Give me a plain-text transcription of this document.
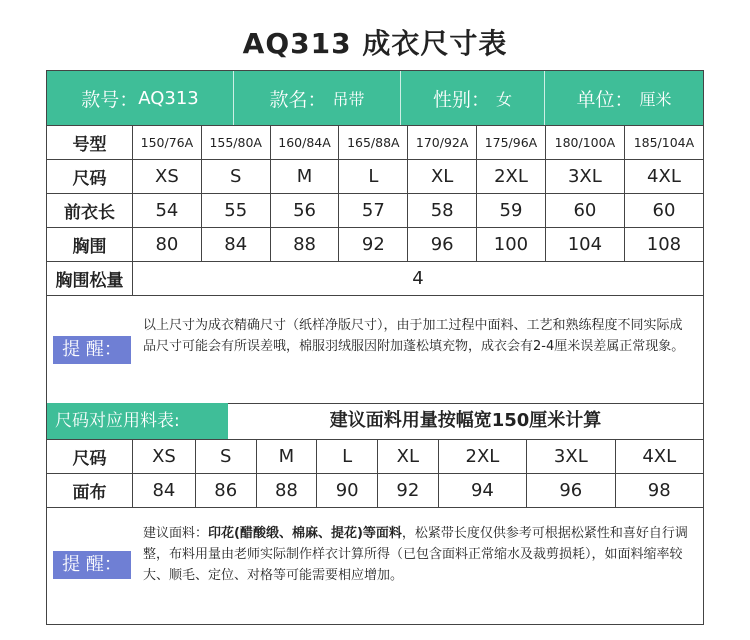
AQ313 成衣尺寸表
款号： AQ313	款名： 吊带	性别： 女	单位： 厘米
号型	150/76A	155/80A	160/84A	165/88A	170/92A	175/96A	180/100A	185/104A
尺码	XS	S	M	L	XL	2XL	3XL	4XL
前衣长	54	55	56	57	58	59	60	60
胸围	80	84	88	92	96	100	104	108
胸围松量	4							
提 醒：
以上尺寸为成衣精确尺寸（纸样净版尺寸），由于加工过程中面料、工艺和熟练程度不同实际成品尺寸可能会有所误差哦，棉服羽绒服因附加蓬松填充物，成衣会有2-4厘米误差属正常现象。
尺码对应用料表:	建议面料用量按幅宽150厘米计算
尺码	XS	S	M	L	XL	2XL	3XL	4XL
面布	84	86	88	90	92	94	96	98
提 醒：
建议面料：印花(醋酸缎、棉麻、提花)等面料，松紧带长度仅供参考可根据松紧性和喜好自行调整，布料用量由老师实际制作样衣计算所得（已包含面料正常缩水及裁剪损耗），如面料缩率较大、顺毛、定位、对格等可能需要相应增加。
